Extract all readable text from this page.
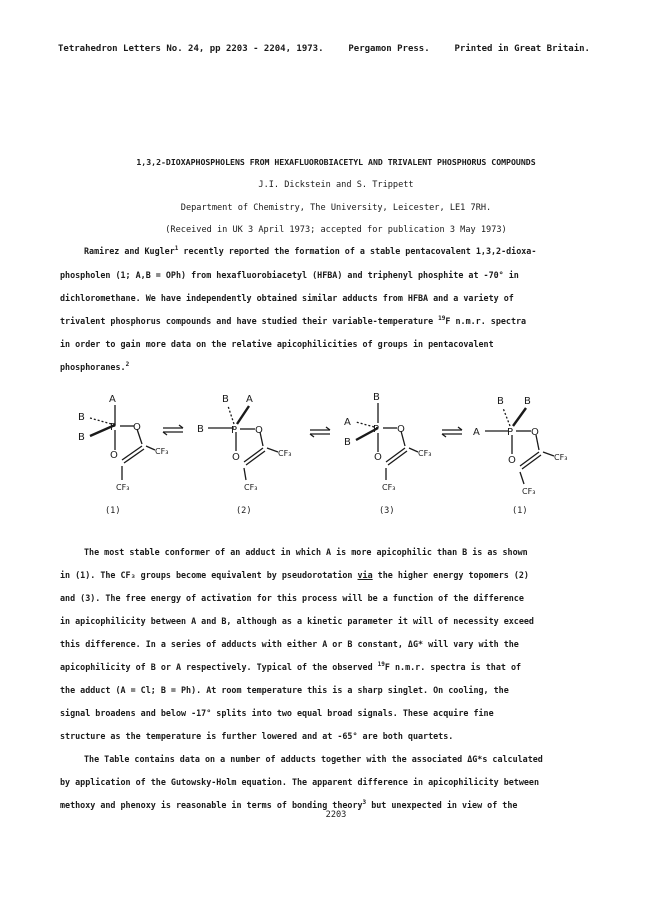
Tetrahedron Letters No. 24, pp 2203 - 2204, 1973.	Pergamon Press.	Printed in Great Britain.
1,3,2-DIOXAPHOSPHOLENS FROM HEXAFLUOROBIACETYL AND TRIVALENT PHOSPHORUS COMPOUNDS
J.I. Dickstein and S. Trippett
Department of Chemistry, The University, Leicester, LE1 7RH.
(Received in UK 3 April 1973; accepted for publication 3 May 1973)
Ramirez and Kugler$^1$ recently reported the formation of a stable pentacovalent 1,3,2-dioxa-
phospholen (1; A,B = OPh) from hexafluorobiacetyl (HFBA) and triphenyl phosphite at -70° in
dichloromethane. We have independently obtained similar adducts from HFBA and a variety of
trivalent phosphorus compounds and have studied their variable-temperature $^{19}$F n.m.r. spectra
in order to gain more data on the relative apicophilicities of groups in pentacovalent
phosphoranes.$^2$
A
B
B
P O
O	CF₃
CF₃
B A
B	P O
O	CF₃
CF₃
B
A
B
P O
O	CF₃
CF₃
B B
A	P O
O	CF₃
CF₃
(1)	(2)	(3)	(1)
The most stable conformer of an adduct in which A is more apicophilic than B is as shown
in (1). The CF₃ groups become equivalent by pseudorotation via the higher energy topomers (2)
and (3). The free energy of activation for this process will be a function of the difference
in apicophilicity between A and B, although as a kinetic parameter it will of necessity exceed
this difference. In a series of adducts with either A or B constant, ΔG* will vary with the
apicophilicity of B or A respectively. Typical of the observed $^{19}$F n.m.r. spectra is that of
the adduct (A = Cl; B = Ph). At room temperature this is a sharp singlet. On cooling, the
signal broadens and below -17° splits into two equal broad signals. These acquire fine
structure as the temperature is further lowered and at -65° are both quartets.
The Table contains data on a number of adducts together with the associated ΔG*s calculated
by application of the Gutowsky-Holm equation. The apparent difference in apicophilicity between
methoxy and phenoxy is reasonable in terms of bonding theory$^3$ but unexpected in view of the
2203
